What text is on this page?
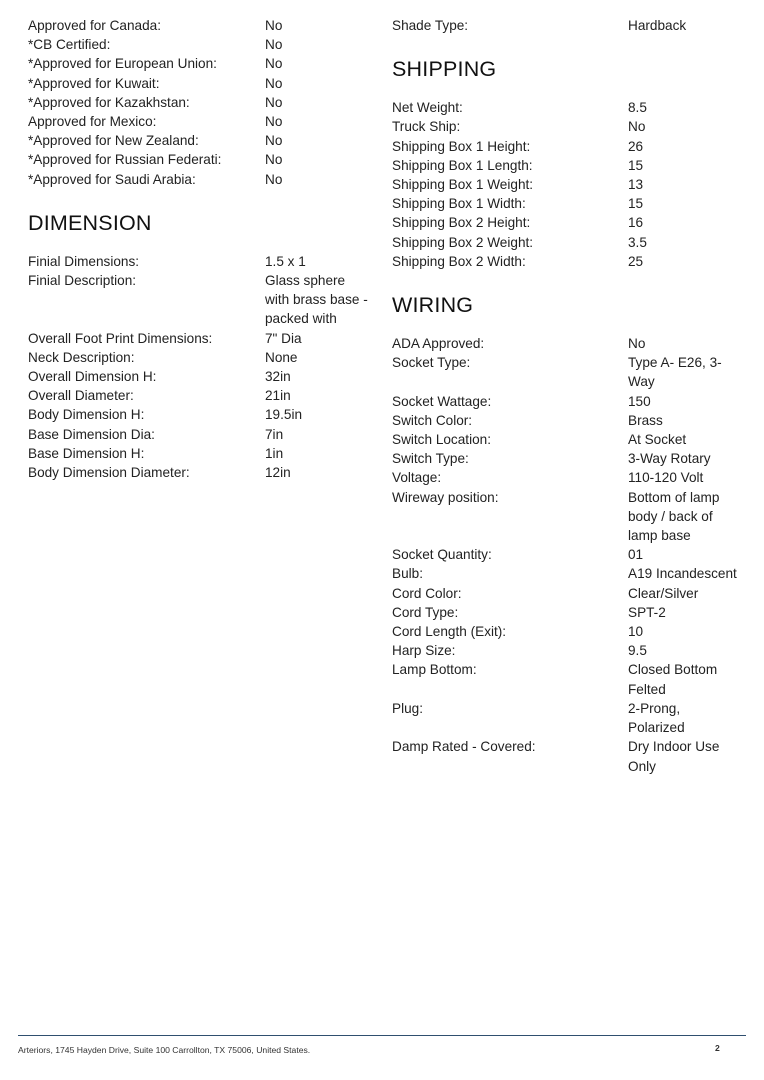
Approved for Canada:	No
*CB Certified:	No
*Approved for European Union:	No
*Approved for Kuwait:	No
*Approved for Kazakhstan:	No
Approved for Mexico:	No
*Approved for New Zealand:	No
*Approved for Russian Federati:	No
*Approved for Saudi Arabia:	No
DIMENSION
Finial Dimensions:	1.5 x 1
Finial Description:	Glass sphere with brass base - packed with
Overall Foot Print Dimensions:	7" Dia
Neck Description:	None
Overall Dimension H:	32in
Overall Diameter:	21in
Body Dimension H:	19.5in
Base Dimension Dia:	7in
Base Dimension H:	1in
Body Dimension Diameter:	12in
Shade Type:	Hardback
SHIPPING
Net Weight:	8.5
Truck Ship:	No
Shipping Box 1 Height:	26
Shipping Box 1 Length:	15
Shipping Box 1 Weight:	13
Shipping Box 1 Width:	15
Shipping Box 2 Height:	16
Shipping Box 2 Weight:	3.5
Shipping Box 2 Width:	25
WIRING
ADA Approved:	No
Socket Type:	Type A- E26, 3-Way
Socket Wattage:	150
Switch Color:	Brass
Switch Location:	At Socket
Switch Type:	3-Way Rotary
Voltage:	110-120 Volt
Wireway position:	Bottom of lamp body / back of lamp base
Socket Quantity:	01
Bulb:	A19 Incandescent
Cord Color:	Clear/Silver
Cord Type:	SPT-2
Cord Length (Exit):	10
Harp Size:	9.5
Lamp Bottom:	Closed Bottom Felted
Plug:	2-Prong, Polarized
Damp Rated - Covered:	Dry Indoor Use Only
Arteriors, 1745 Hayden Drive, Suite 100 Carrollton, TX 75006, United States.	2
